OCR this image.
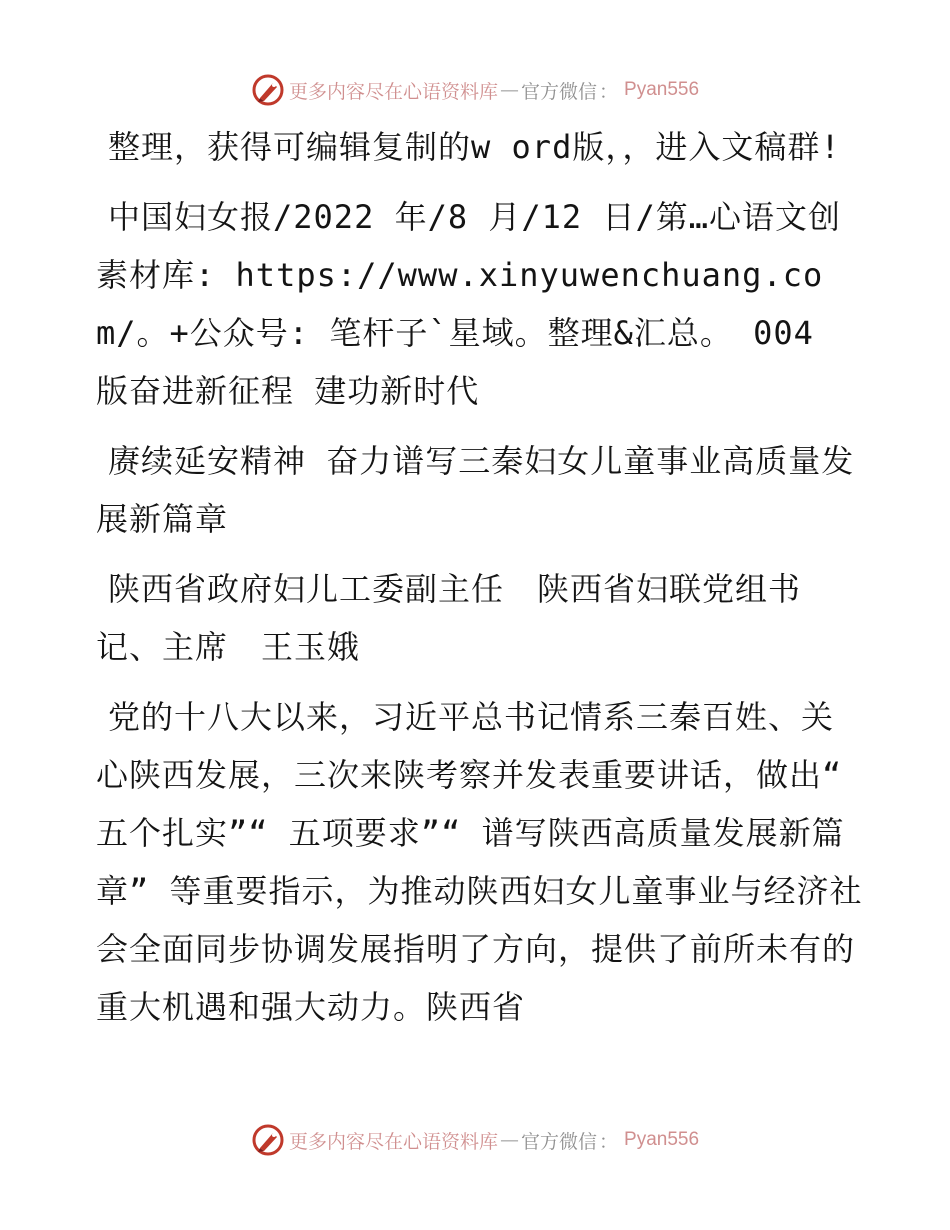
更多内容尽在心语资料库 — 官方微信 ： Pyan556

整理，获得可编辑复制的w ord版，，进入文稿群!

中国妇女报/2022 年/8 月/12 日/第…心语文创素材库: https://www.xinyuwenchuang.com/。+公众号: 笔杆子`星域。整理&汇总。 004 版奋进新征程 建功新时代

赓续延安精神 奋力谱写三秦妇女儿童事业高质量发展新篇章

陕西省政府妇儿工委副主任　陕西省妇联党组书记、主席　王玉娥

党的十八大以来，习近平总书记情系三秦百姓、关心陕西发展，三次来陕考察并发表重要讲话，做出“ 五个扎实”“ 五项要求”“ 谱写陕西高质量发展新篇章” 等重要指示，为推动陕西妇女儿童事业与经济社会全面同步协调发展指明了方向，提供了前所未有的重大机遇和强大动力。陕西省

更多内容尽在心语资料库 — 官方微信 ： Pyan556
